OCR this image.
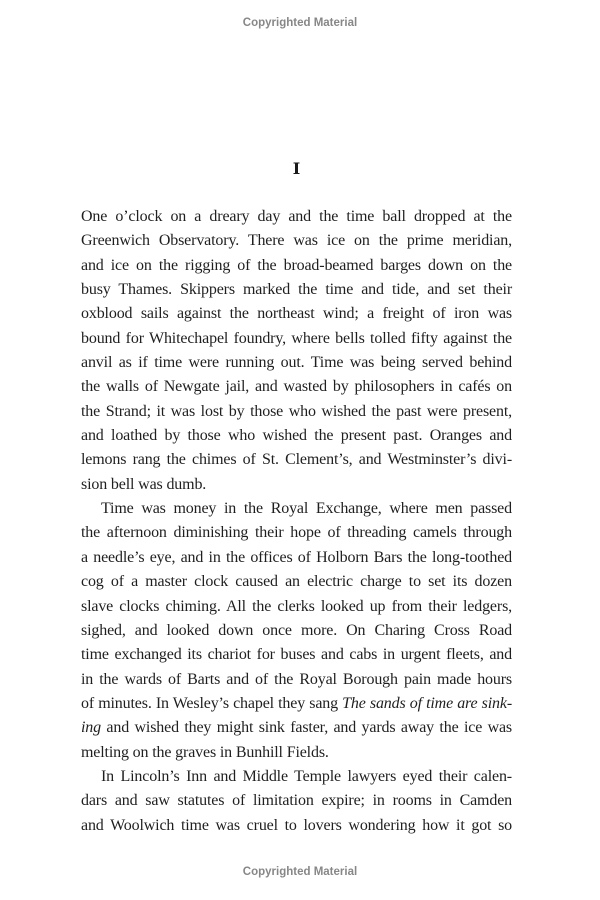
Copyrighted Material
I
One o’clock on a dreary day and the time ball dropped at the
Greenwich Observatory. There was ice on the prime meridian,
and ice on the rigging of the broad-beamed barges down on the
busy Thames. Skippers marked the time and tide, and set their
oxblood sails against the northeast wind; a freight of iron was
bound for Whitechapel foundry, where bells tolled fifty against the
anvil as if time were running out. Time was being served behind
the walls of Newgate jail, and wasted by philosophers in cafés on
the Strand; it was lost by those who wished the past were present,
and loathed by those who wished the present past. Oranges and
lemons rang the chimes of St. Clement’s, and Westminster’s divi-
sion bell was dumb.
Time was money in the Royal Exchange, where men passed
the afternoon diminishing their hope of threading camels through
a needle’s eye, and in the offices of Holborn Bars the long-toothed
cog of a master clock caused an electric charge to set its dozen
slave clocks chiming. All the clerks looked up from their ledgers,
sighed, and looked down once more. On Charing Cross Road
time exchanged its chariot for buses and cabs in urgent fleets, and
in the wards of Barts and of the Royal Borough pain made hours
of minutes. In Wesley’s chapel they sang The sands of time are sink-
ing and wished they might sink faster, and yards away the ice was
melting on the graves in Bunhill Fields.
In Lincoln’s Inn and Middle Temple lawyers eyed their calen-
dars and saw statutes of limitation expire; in rooms in Camden
and Woolwich time was cruel to lovers wondering how it got so
Copyrighted Material
